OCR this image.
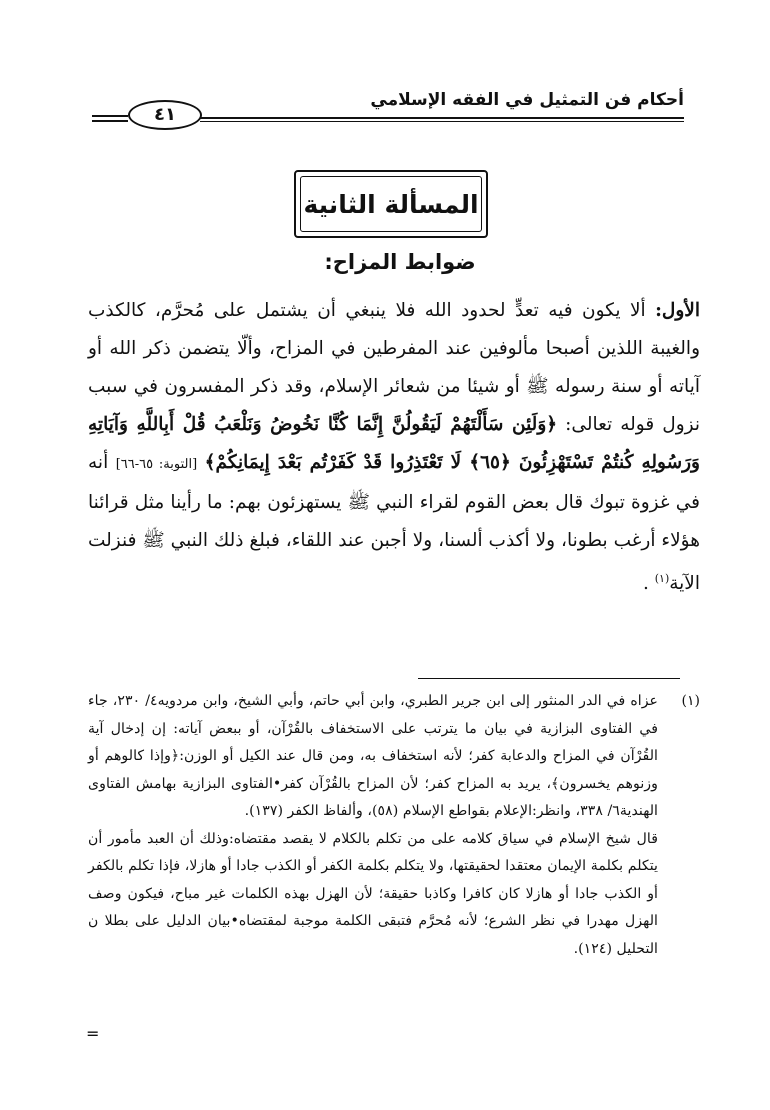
أحكام فن التمثيل في الفقه الإسلامي
٤١
المسألة الثانية
ضوابط المزاح:
الأول: ألا يكون فيه تعدٍّ لحدود الله فلا ينبغي أن يشتمل على مُحرَّم، كالكذب والغيبة اللذين أصبحا مألوفين عند المفرطين في المزاح، وألّا يتضمن ذكر الله أو آياته أو سنة رسوله ﷺ أو شيئا من شعائر الإسلام، وقد ذكر المفسرون في سبب نزول قوله تعالى: ﴿وَلَئِن سَأَلْتَهُمْ لَيَقُولُنَّ إِنَّمَا كُنَّا نَخُوضُ وَنَلْعَبُ قُلْ أَبِاللَّهِ وَآيَاتِهِ وَرَسُولِهِ كُنتُمْ تَسْتَهْزِئُونَ ﴿٦٥﴾ لَا تَعْتَذِرُوا قَدْ كَفَرْتُم بَعْدَ إِيمَانِكُمْ﴾ [التوبة: ٦٥-٦٦] أنه في غزوة تبوك قال بعض القوم لقراء النبي ﷺ يستهزئون بهم: ما رأينا مثل قرائنا هؤلاء أرغب بطونا، ولا أكذب ألسنا، ولا أجبن عند اللقاء، فبلغ ذلك النبي ﷺ فنزلت الآية$^{(١)}$ .
(١)

عزاه في الدر المنثور إلى ابن جرير الطبري، وابن أبي حاتم، وأبي الشيخ، وابن مردويه٤/ ٢٣٠، جاء في الفتاوى البزازية في بيان ما يترتب على الاستخفاف بالقُرْآن، أو ببعض آياته: إن إدخال آية القُرْآن في المزاح والدعابة كفر؛ لأنه استخفاف به، ومن قال عند الكيل أو الوزن:﴿وإذا كالوهم أو وزنوهم يخسرون﴾، يريد به المزاح كفر؛ لأن المزاح بالقُرْآن كفر•الفتاوى البزازية بهامش الفتاوى الهندية٦/ ٣٣٨، وانظر:الإعلام بقواطع الإسلام (٥٨)، وألفاظ الكفر (١٣٧).

قال شيخ الإسلام في سياق كلامه على من تكلم بالكلام لا يقصد مقتضاه:وذلك أن العبد مأمور أن يتكلم بكلمة الإيمان معتقدا لحقيقتها، ولا يتكلم بكلمة الكفر أو الكذب جادا أو هازلا، فإذا تكلم بالكفر أو الكذب جادا أو هازلا كان كافرا وكاذبا حقيقة؛ لأن الهزل بهذه الكلمات غير مباح، فيكون وصف الهزل مهدرا في نظر الشرع؛ لأنه مُحرَّم فتبقى الكلمة موجبة لمقتضاه•بيان الدليل على بطلا ن التحليل (١٢٤).

=
